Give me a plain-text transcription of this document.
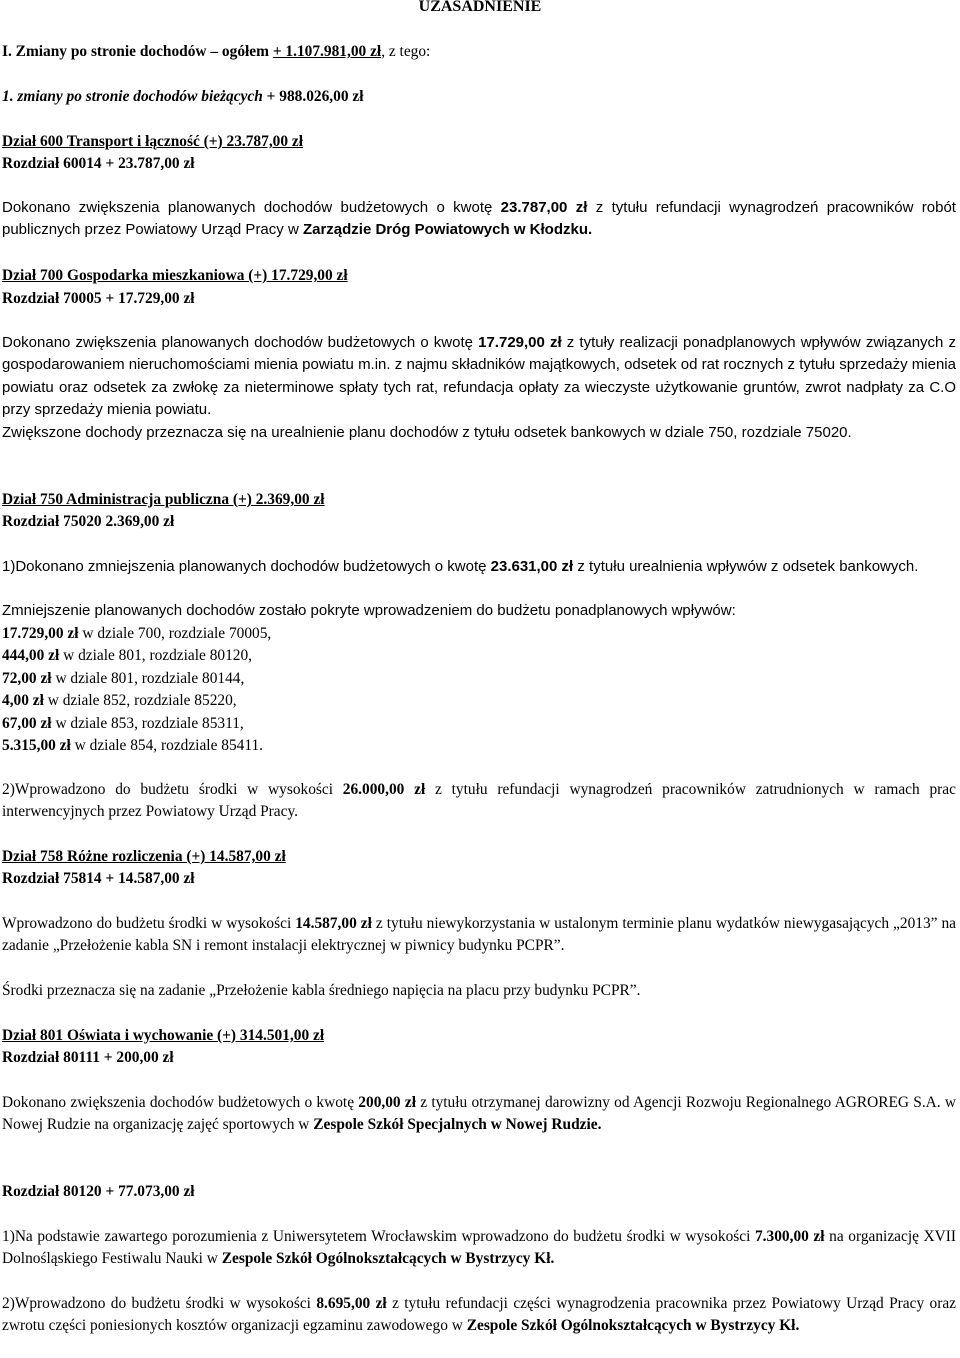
UZASADNIENIE

I. Zmiany po stronie dochodów – ogółem + 1.107.981,00 zł, z tego:

1. zmiany po stronie dochodów bieżących + 988.026,00 zł

Dział 600 Transport i łączność (+) 23.787,00 zł

Rozdział 60014 + 23.787,00 zł

Dokonano zwiększenia planowanych dochodów budżetowych o kwotę 23.787,00 zł z tytułu refundacji wynagrodzeń pracowników robót publicznych przez Powiatowy Urząd Pracy w Zarządzie Dróg Powiatowych w Kłodzku.

Dział 700 Gospodarka mieszkaniowa (+) 17.729,00 zł

Rozdział 70005 + 17.729,00 zł

Dokonano zwiększenia planowanych dochodów budżetowych o kwotę 17.729,00 zł z tytuły realizacji ponadplanowych wpływów związanych z gospodarowaniem nieruchomościami mienia powiatu m.in. z najmu składników majątkowych, odsetek od rat rocznych z tytułu sprzedaży mienia powiatu oraz odsetek za zwłokę za nieterminowe spłaty tych rat, refundacja opłaty za wieczyste użytkowanie gruntów, zwrot nadpłaty za C.O przy sprzedaży mienia powiatu.

Zwiększone dochody przeznacza się na urealnienie planu dochodów z tytułu odsetek bankowych w dziale 750, rozdziale 75020.

Dział 750 Administracja publiczna (+) 2.369,00 zł

Rozdział 75020 2.369,00 zł

1)Dokonano zmniejszenia planowanych dochodów budżetowych o kwotę 23.631,00 zł z tytułu urealnienia wpływów z odsetek bankowych.

Zmniejszenie planowanych dochodów zostało pokryte wprowadzeniem do budżetu ponadplanowych wpływów:

17.729,00 zł w dziale 700, rozdziale 70005,
444,00 zł w dziale 801, rozdziale 80120,
72,00 zł w dziale 801, rozdziale 80144,
4,00 zł w dziale 852, rozdziale 85220,
67,00 zł w dziale 853, rozdziale 85311,
5.315,00 zł w dziale 854, rozdziale 85411.

2)Wprowadzono do budżetu środki w wysokości 26.000,00 zł z tytułu refundacji wynagrodzeń pracowników zatrudnionych w ramach prac interwencyjnych przez Powiatowy Urząd Pracy.

Dział 758 Różne rozliczenia (+) 14.587,00 zł

Rozdział 75814 + 14.587,00 zł

Wprowadzono do budżetu środki w wysokości 14.587,00 zł z tytułu niewykorzystania w ustalonym terminie planu wydatków niewygasających „2013” na zadanie „Przełożenie kabla SN i remont instalacji elektrycznej w piwnicy budynku PCPR”.

Środki przeznacza się na zadanie „Przełożenie kabla średniego napięcia na placu przy budynku PCPR”.

Dział 801 Oświata i wychowanie (+) 314.501,00 zł

Rozdział 80111 + 200,00 zł

Dokonano zwiększenia dochodów budżetowych o kwotę 200,00 zł z tytułu otrzymanej darowizny od Agencji Rozwoju Regionalnego AGROREG S.A. w Nowej Rudzie na organizację zajęć sportowych w Zespole Szkół Specjalnych w Nowej Rudzie.

Rozdział 80120 + 77.073,00 zł

1)Na podstawie zawartego porozumienia z Uniwersytetem Wrocławskim wprowadzono do budżetu środki w wysokości 7.300,00 zł na organizację XVII Dolnośląskiego Festiwalu Nauki w Zespole Szkół Ogólnokształcących w Bystrzycy Kł.

2)Wprowadzono do budżetu środki w wysokości 8.695,00 zł z tytułu refundacji części wynagrodzenia pracownika przez Powiatowy Urząd Pracy oraz zwrotu części poniesionych kosztów organizacji egzaminu zawodowego w Zespole Szkół Ogólnokształcących w Bystrzycy Kł.
